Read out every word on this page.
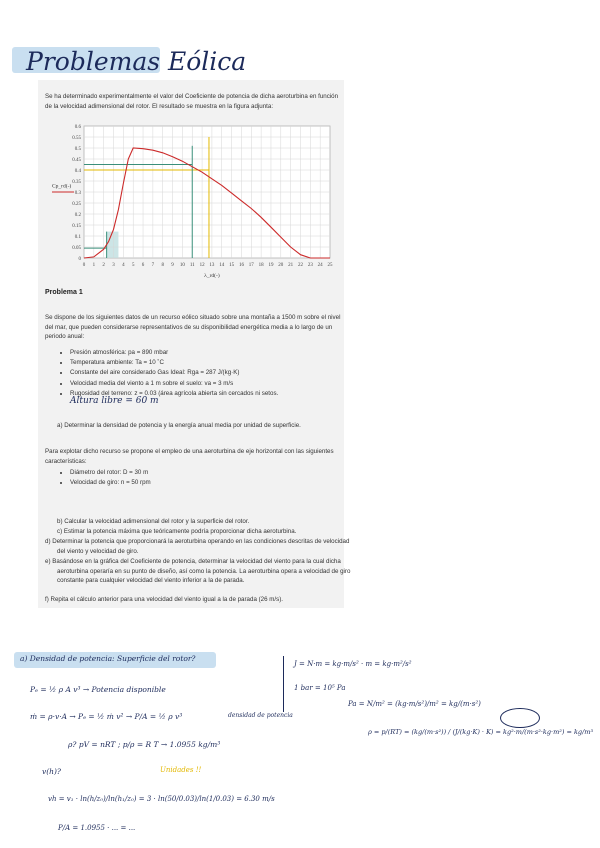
Problemas Eólica

Se ha determinado experimentalmente el valor del Coeficiente de potencia de dicha aeroturbina en función de la velocidad adimensional del rotor. El resultado se muestra en la figura adjunta:

0 1 2 3 4 5 6 7 8 9 10 11 12 13 14 15 16 17 18 19 20 21 22 23 24 25
0
0.05
0.1
0.15
0.2
0.25
0.3
0.35
0.4
0.45
0.5
0.55
0.6
λ_rd(-)
Cp_rd(-)
Problema 1

Se dispone de los siguientes datos de un recurso eólico situado sobre una montaña a 1500 m sobre el nivel del mar, que pueden considerarse representativos de su disponibilidad energética media a lo largo de un periodo anual:

• Presión atmosférica: pa = 890 mbar
• Temperatura ambiente: Ta = 10 ˚C
• Constante del aire considerado Gas Ideal: Rga = 287 J/(kg·K)
• Velocidad media del viento a 1 m sobre el suelo: va = 3 m/s
• Rugosidad del terreno: z = 0.03 (área agrícola abierta sin cercados ni setos.
Altura libre = 60 m
a) Determinar la densidad de potencia y la energía anual media por unidad de superficie.

Para explotar dicho recurso se propone el empleo de una aeroturbina de eje horizontal con las siguientes características:

• Diámetro del rotor: D = 30 m
• Velocidad de giro: n = 50 rpm
b) Calcular la velocidad adimensional del rotor y la superficie del rotor.
c) Estimar la potencia máxima que teóricamente podría proporcionar dicha aeroturbina.
d) Determinar la potencia que proporcionará la aeroturbina operando en las condiciones descritas de velocidad del viento y velocidad de giro.
e) Basándose en la gráfica del Coeficiente de potencia, determinar la velocidad del viento para la cual dicha aeroturbina operaría en su punto de diseño, así como la potencia. La aeroturbina opera a velocidad de giro constante para cualquier velocidad del viento inferior a la de parada.
f) Repita el cálculo anterior para una velocidad del viento igual a la de parada (26 m/s).
a) Densidad de potencia: Superficie del rotor?
Pₑ = ½ ρ A v³ → Potencia disponible
ṁ = ρ·v·A → Pₑ = ½ ṁ v² → P/A = ½ ρ v³	densidad de potencia
ρ? pV = nRT ; p/ρ = R T → 1.0955 kg/m³
v(h)?	Unidades !!
vh = v₁ · ln(h/z₀)/ln(h₁/z₀) = 3 · ln(50/0.03)/ln(1/0.03) = 6.30 m/s
P/A = 1.0955 · ... = ...
J = N·m = kg·m/s² · m = kg·m²/s²
1 bar = 10⁵ Pa
Pa = N/m² = (kg·m/s²)/m² = kg/(m·s²)
ρ = p/(RT) = (kg/(m·s²)) / (J/(kg·K) · K) = kg²·m/(m·s²·kg·m²) = kg/m³
